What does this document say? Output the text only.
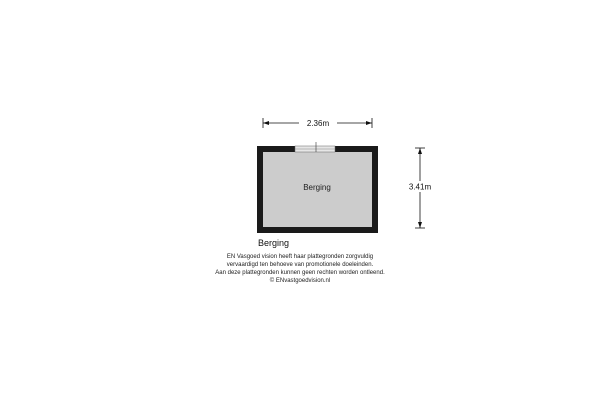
2.36m
3.41m
Berging
Berging
EN Vasgoed vision heeft haar plattegronden zorgvuldig
vervaardigd ten behoeve van promotionele doeleinden.
Aan deze plattegronden kunnen geen rechten worden ontleend.
© ENvastgoedvision.nl
